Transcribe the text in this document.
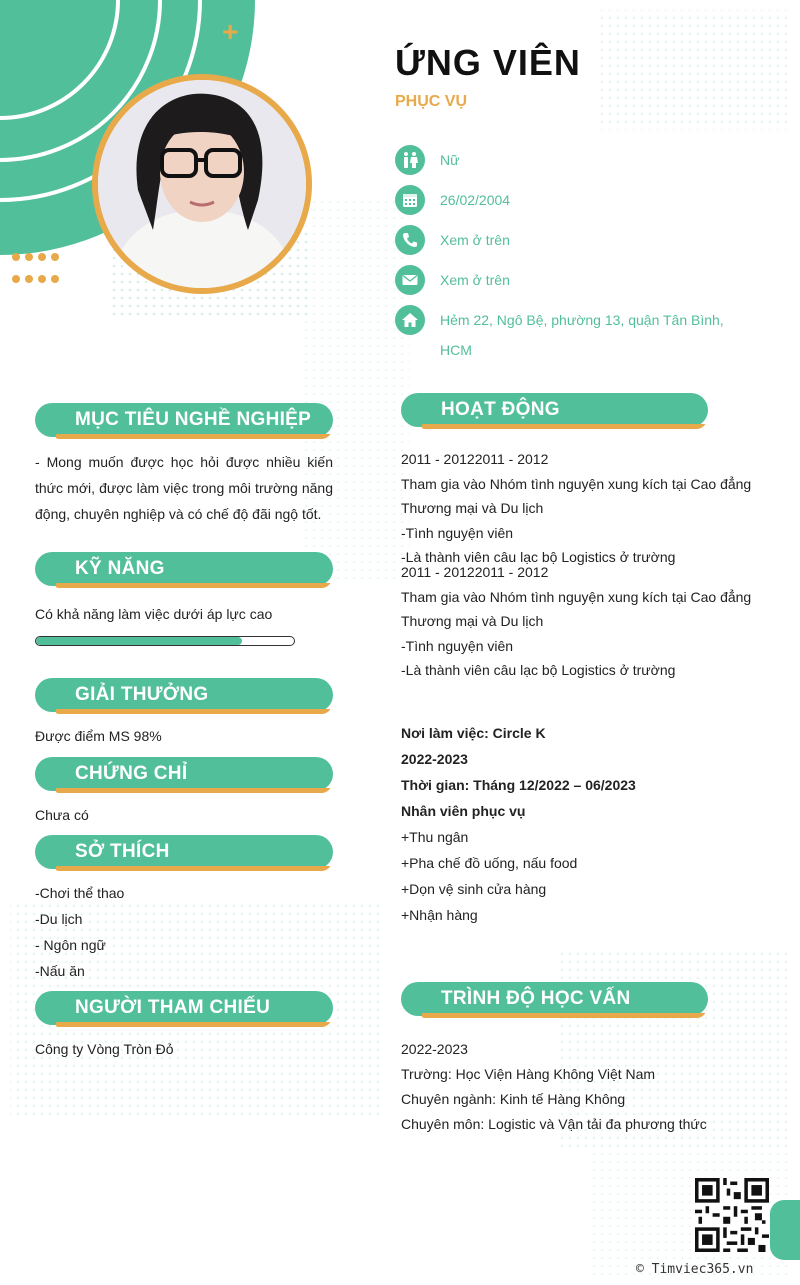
+
ỨNG VIÊN
PHỤC VỤ
Nữ
26/02/2004
Xem ở trên
Xem ở trên
Hẻm 22, Ngô Bệ, phường 13, quận Tân Bình,
HCM
MỤC TIÊU NGHỀ NGHIỆP
- Mong muốn được học hỏi được nhiều kiến thức mới, được làm việc trong môi trường năng động, chuyên nghiệp và có chế độ đãi ngộ tốt.
KỸ NĂNG
Có khả năng làm việc dưới áp lực cao
GIẢI THƯỞNG
Được điểm MS 98%
CHỨNG CHỈ
Chưa có
SỞ THÍCH
-Chơi thể thao
-Du lịch
- Ngôn ngữ
-Nấu ăn
NGƯỜI THAM CHIẾU
Công ty Vòng Tròn Đỏ
HOẠT ĐỘNG
2011 - 20122011 - 2012
Tham gia vào Nhóm tình nguyện xung kích tại Cao đẳng
Thương mại và Du lịch
-Tình nguyện viên
-Là thành viên câu lạc bộ Logistics ở trường
2011 - 20122011 - 2012
Tham gia vào Nhóm tình nguyện xung kích tại Cao đẳng
Thương mại và Du lịch
-Tình nguyện viên
-Là thành viên câu lạc bộ Logistics ở trường
Nơi làm việc: Circle K
2022-2023
Thời gian: Tháng 12/2022 – 06/2023
Nhân viên phục vụ
+Thu ngân
+Pha chế đồ uống, nấu food
+Dọn vệ sinh cửa hàng
+Nhận hàng
TRÌNH ĐỘ HỌC VẤN
2022-2023
Trường: Học Viện Hàng Không Việt Nam
Chuyên ngành: Kinh tế Hàng Không
Chuyên môn: Logistic và Vận tải đa phương thức
© Timviec365.vn
